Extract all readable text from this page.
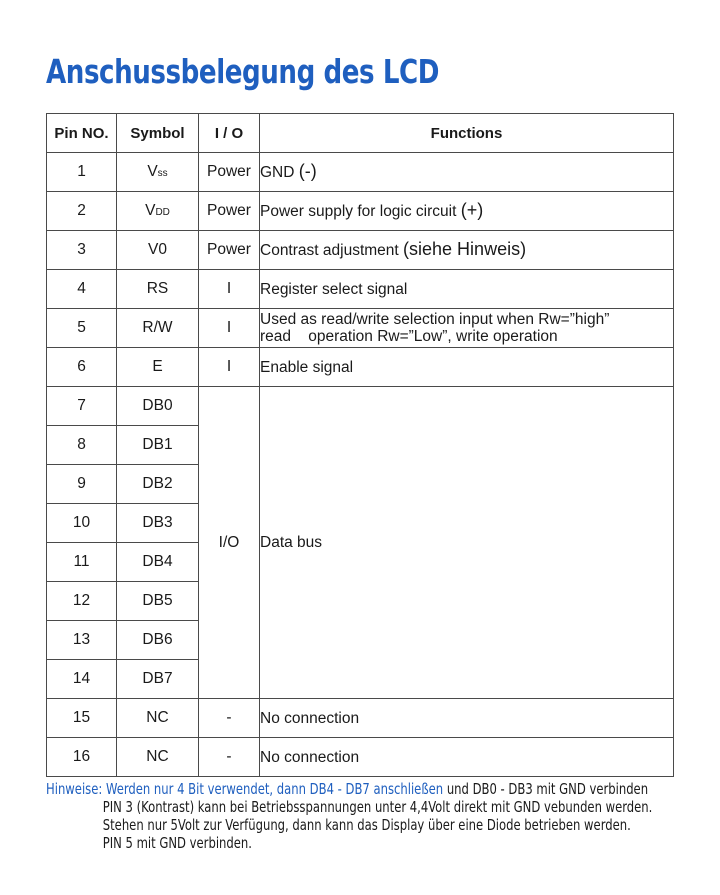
Anschussbelegung des LCD
Pin NO.	Symbol	I / O	Functions
1	Vss	Power	GND (-)
2	VDD	Power	Power supply for logic circuit (+)
3	V0	Power	Contrast adjustment (siehe Hinweis)
4	RS	I	Register select signal
5	R/W	I	Used as read/write selection input when Rw=”high”
read    operation Rw=”Low”, write operation

6	E	I	Enable signal
7	DB0	I/O	Data bus
8	DB1		
9	DB2		
10	DB3		
11	DB4		
12	DB5		
13	DB6		
14	DB7		
15	NC	-	No connection
16	NC	-	No connection
Hinweise: Werden nur 4 Bit verwendet, dann DB4 - DB7 anschließen und DB0 - DB3 mit GND verbinden
PIN 3 (Kontrast) kann bei Betriebsspannungen unter 4,4Volt direkt mit GND vebunden werden.
Stehen nur 5Volt zur Verfügung, dann kann das Display über eine Diode betrieben werden.
PIN 5 mit GND verbinden.
